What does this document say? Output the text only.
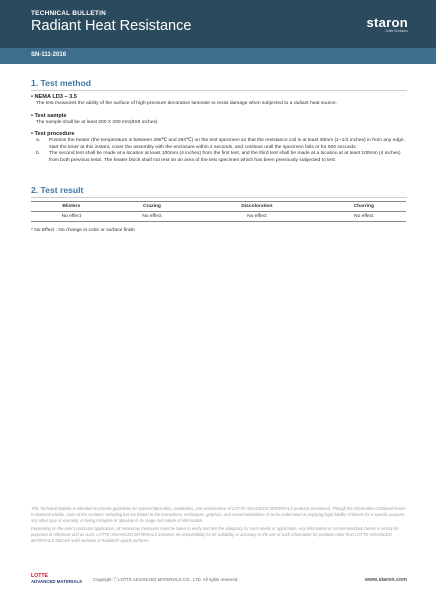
TECHNICAL BULLETIN
Radiant Heat Resistance	staron
Solid Surfaces
SN-111-2016
1. Test method

• NEMA LD3 – 3.5

The test measures the ability of the surface of high-pressure decorative laminate to resist damage when subjected to a radiant heat source.

• Test sample

The sample shall be at least 200 X 200 mm(8X8 inches)

• Test procedure

a.	Position the heater (the temperature is between 288℃ and 294℃) on the test specimen so that the resistance coil is at least 38mm (1~1/2 inches) in from any edge, start the timer at this instant, cover the assembly with the enclosure within 2 seconds, and continue until the specimen fails or for 600 seconds.
b.	The second test shall be made at a location at least 100mm (4 inches) from the first test, and the third test shall be made at a location at at least 100mm (4 inches) from both previous tests. The heater block shall not rest on an area of the test specimen which has been previously subjected to test
2. Test result
Blisters	Crazing	Discoloration	Charring
No effect	No effect	No effect	No effect
* No Effect : No change in color or surface finish

This Technical Bulletin is intended to provide guidelines for optimal fabrication, installation, and performance of LOTTE ADVANCED MATERIALS products mentioned. Though the information contained herein is deemed reliable, none of the contents–including but not limited to the instructions, techniques, graphics, and recommendations–is to be understood as implying legal liability of fitness for a specific purpose, any other type of warranty, or being complete or absolute in its range and nature of information.

Depending on the user's particular application, all necessary measures must be taken to verify and test the adequacy for such needs or application. Any information or recommendation herein is strictly for purposes of reference and as such, LOTTE ADVANCED MATERIALS assumes no responsibility for its suitability or accuracy or the use of such information for products other than LOTTE ADVANCED MATERIALS Staron® solid surfaces & Radianz® quartz surfaces.

LOTTE
ADVANCED MATERIALS	Copyright ⓒ LOTTE ADVANCED MATERIALS CO., LTD. All rights reserved.	www.staron.com
